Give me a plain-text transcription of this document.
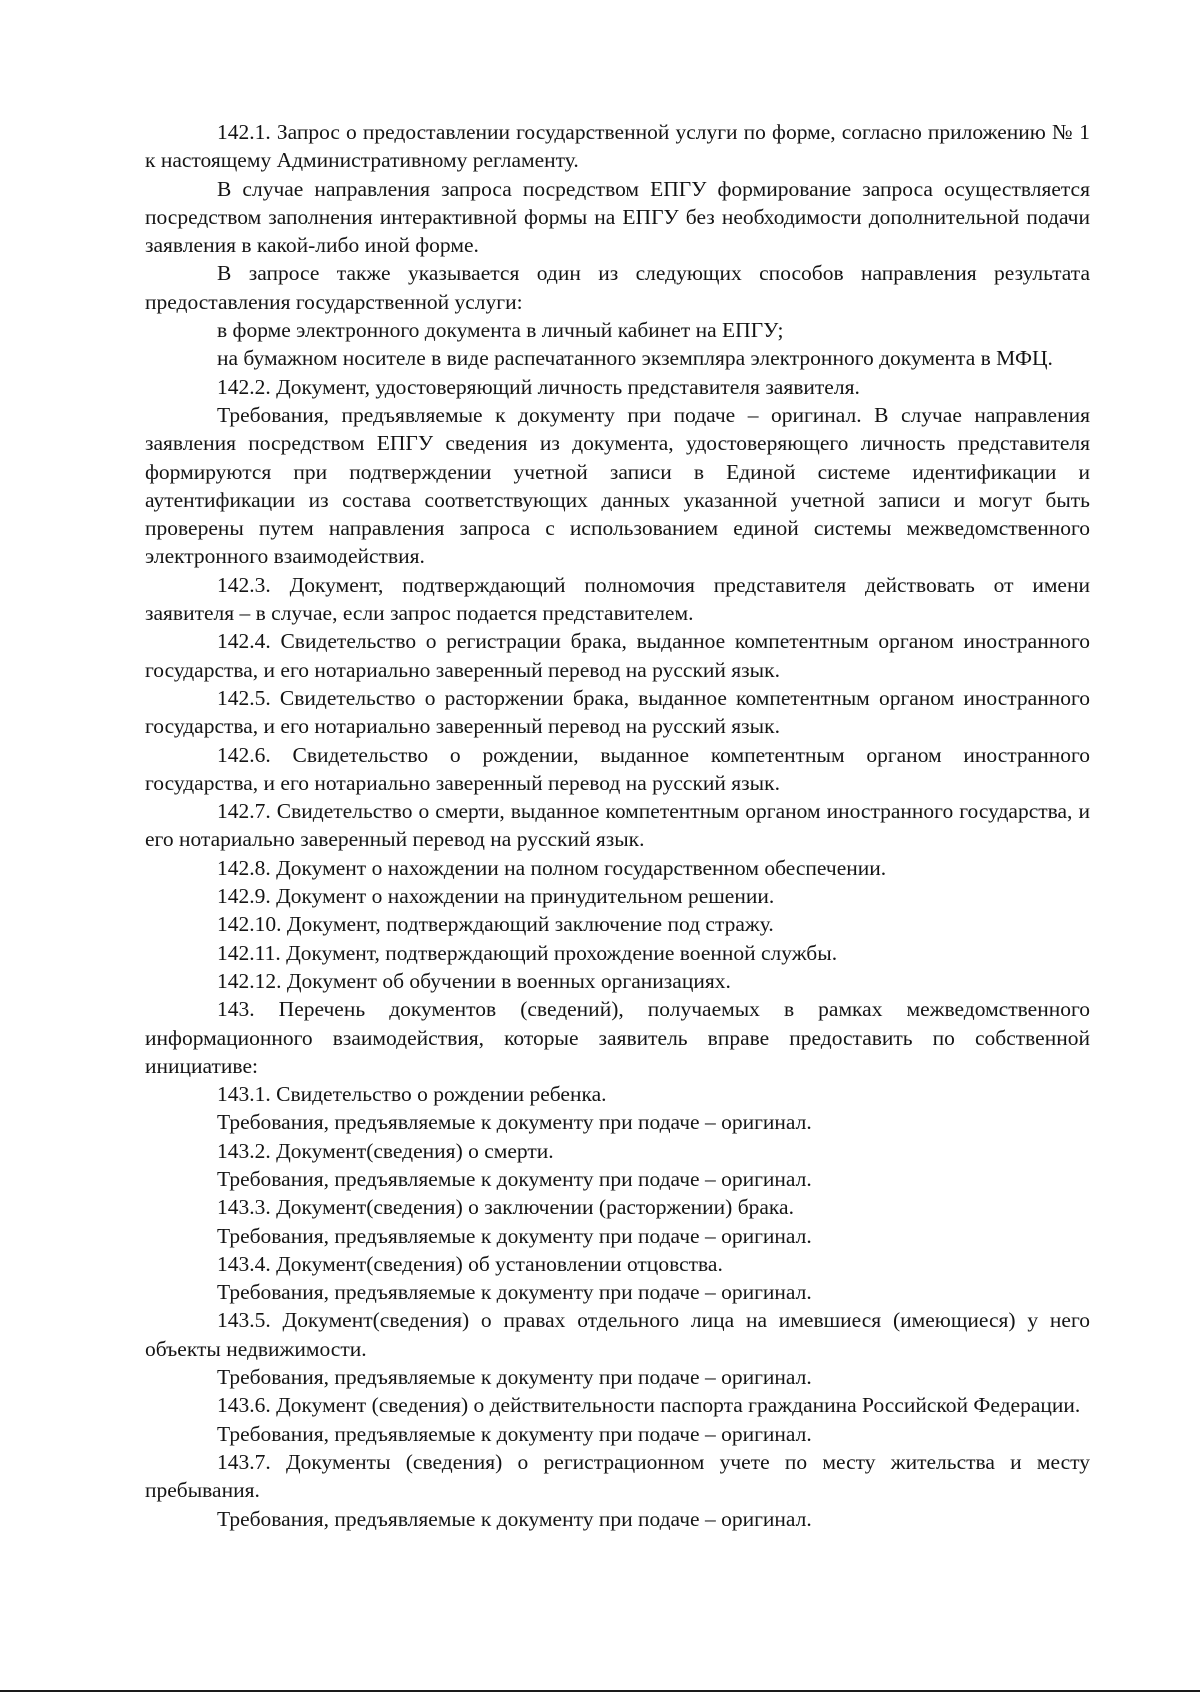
142.1. Запрос о предоставлении государственной услуги по форме, согласно приложению № 1 к настоящему Административному регламенту.

В случае направления запроса посредством ЕПГУ формирование запроса осуществляется посредством заполнения интерактивной формы на ЕПГУ без необходимости дополнительной подачи заявления в какой-либо иной форме.

В запросе также указывается один из следующих способов направления результата предоставления государственной услуги:

в форме электронного документа в личный кабинет на ЕПГУ;

на бумажном носителе в виде распечатанного экземпляра электронного документа в МФЦ.

142.2. Документ, удостоверяющий личность представителя заявителя.

Требования, предъявляемые к документу при подаче – оригинал. В случае направления заявления посредством ЕПГУ сведения из документа, удостоверяющего личность представителя формируются при подтверждении учетной записи в Единой системе идентификации и аутентификации из состава соответствующих данных указанной учетной записи и могут быть проверены путем направления запроса с использованием единой системы межведомственного электронного взаимодействия.

142.3. Документ, подтверждающий полномочия представителя действовать от имени заявителя – в случае, если запрос подается представителем.

142.4. Свидетельство о регистрации брака, выданное компетентным органом иностранного государства, и его нотариально заверенный перевод на русский язык.

142.5. Свидетельство о расторжении брака, выданное компетентным органом иностранного государства, и его нотариально заверенный перевод на русский язык.

142.6. Свидетельство о рождении, выданное компетентным органом иностранного государства, и его нотариально заверенный перевод на русский язык.

142.7. Свидетельство о смерти, выданное компетентным органом иностранного государства, и его нотариально заверенный перевод на русский язык.

142.8. Документ о нахождении на полном государственном обеспечении.

142.9. Документ о нахождении на принудительном решении.

142.10. Документ, подтверждающий заключение под стражу.

142.11. Документ, подтверждающий прохождение военной службы.

142.12. Документ об обучении в военных организациях.

143. Перечень документов (сведений), получаемых в рамках межведомственного информационного взаимодействия, которые заявитель вправе предоставить по собственной инициативе:

143.1. Свидетельство о рождении ребенка.

Требования, предъявляемые к документу при подаче – оригинал.

143.2. Документ(сведения) о смерти.

Требования, предъявляемые к документу при подаче – оригинал.

143.3. Документ(сведения) о заключении (расторжении) брака.

Требования, предъявляемые к документу при подаче – оригинал.

143.4. Документ(сведения) об установлении отцовства.

Требования, предъявляемые к документу при подаче – оригинал.

143.5. Документ(сведения) о правах отдельного лица на имевшиеся (имеющиеся) у него объекты недвижимости.

Требования, предъявляемые к документу при подаче – оригинал.

143.6. Документ (сведения) о действительности паспорта гражданина Российской Федерации.

Требования, предъявляемые к документу при подаче – оригинал.

143.7. Документы (сведения) о регистрационном учете по месту жительства и месту пребывания.

Требования, предъявляемые к документу при подаче – оригинал.
